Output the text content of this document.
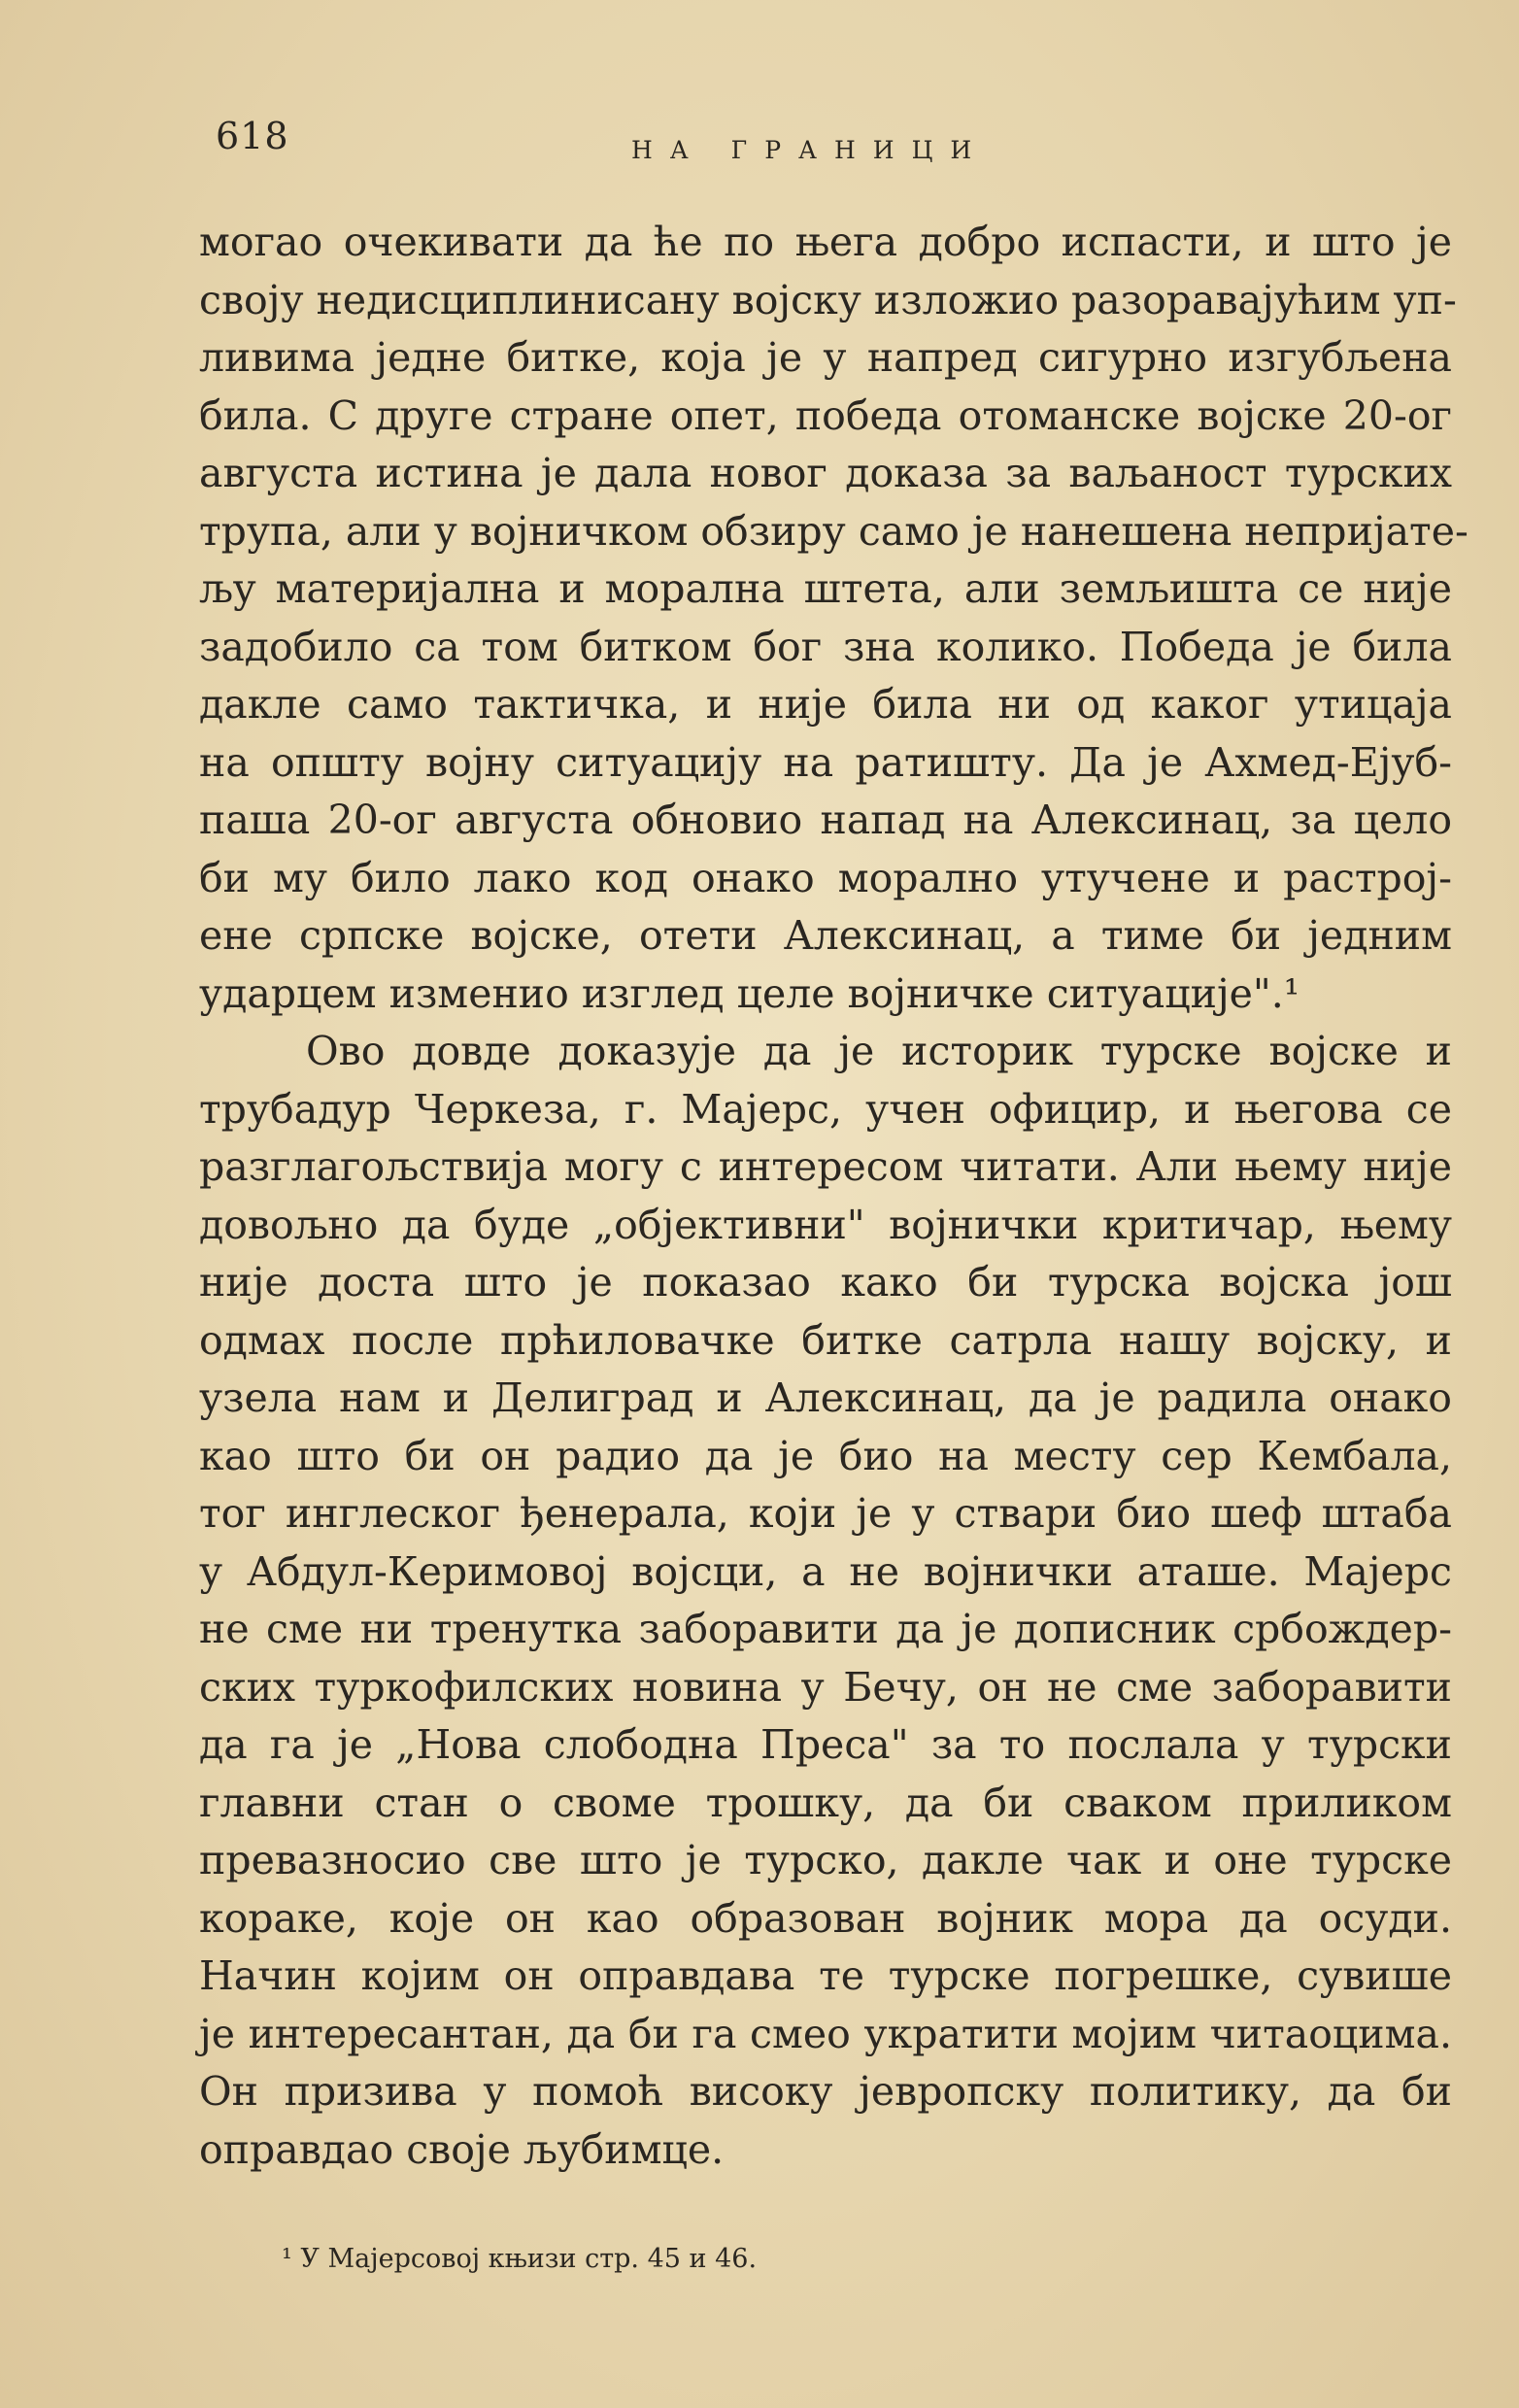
618	НА ГРАНИЦИ
могао очекивати да ће по њега добро испасти, и што је
своју недисциплинисану војску изложио разоравајућим уп-
ливима једне битке, која је у напред сигурно изгубљена
била. С друге стране опет, победа отоманске војске 20-ог
августа истина је дала новог доказа за ваљаност турских
трупа, али у војничком обзиру само је нанешена непријате-
љу материјална и морална штета, али земљишта се није
задобило са том битком бог зна колико. Победа је била
дакле само тактичка, и није била ни од каког утицаја
на општу војну ситуацију на ратишту. Да је Ахмед-Ејуб-
паша 20-ог августа обновио напад на Алексинац, за цело
би му било лако код онако морално утучене и растрој-
ене српске војске, отети Алексинац, а тиме би једним
ударцем изменио изглед целе војничке ситуације".¹
Ово довде доказује да је историк турске војске и
трубадур Черкеза, г. Мајерс, учен официр, и његова се
разглагољствија могу с интересом читати. Али њему није
довољно да буде „објективни" војнички критичар, њему
није доста што је показао како би турска војска још
одмах после прћиловачке битке сатрла нашу војску, и
узела нам и Делиград и Алексинац, да је радила онако
као што би он радио да је био на месту сер Кембала,
тог инглеског ђенерала, који је у ствари био шеф штаба
у Абдул-Керимовој војсци, а не војнички аташе. Мајерс
не сме ни тренутка заборавити да је дописник србождер-
ских туркофилских новина у Бечу, он не сме заборавити
да га је „Нова слободна Преса" за то послала у турски
главни стан о своме трошку, да би сваком приликом
превазносио све што је турско, дакле чак и оне турске
кораке, које он као образован војник мора да осуди.
Начин којим он оправдава те турске погрешке, сувише
је интересантан, да би га смео укратити мојим читаоцима.
Он призива у помоћ високу јевропску политику, да би
оправдао своје љубимце.
¹ У Мајерсовој књизи стр. 45 и 46.
